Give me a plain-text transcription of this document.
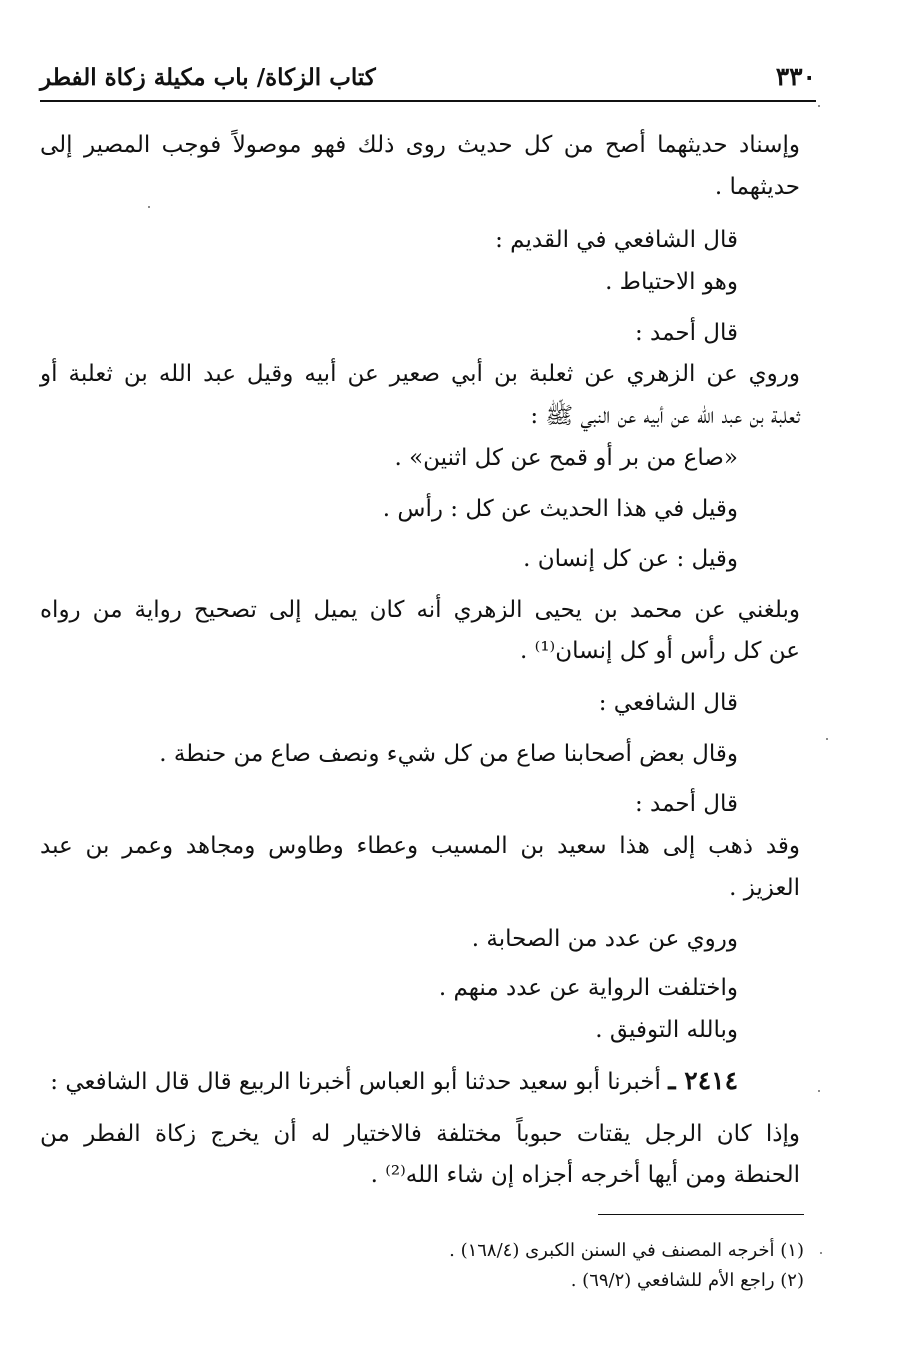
٣٣٠
كتاب الزكاة/ باب مكيلة زكاة الفطر
وإسناد حديثهما أصح من كل حديث روى ذلك فهو موصولاً فوجب المصير إلى
حديثهما .
قال الشافعي في القديم :
وهو الاحتياط .
قال أحمد :
وروي عن الزهري عن ثعلبة بن أبي صعير عن أبيه وقيل عبد الله بن ثعلبة أو
ثعلبة بن عبد الله عن أبيه عن النبي ﷺ :
«صاع من بر أو قمح عن كل اثنين» .
وقيل في هذا الحديث عن كل : رأس .
وقيل : عن كل إنسان .
وبلغني عن محمد بن يحيى الزهري أنه كان يميل إلى تصحيح رواية من رواه
عن كل رأس أو كل إنسان⁽¹⁾ .
قال الشافعي :
وقال بعض أصحابنا صاع من كل شيء ونصف صاع من حنطة .
قال أحمد :
وقد ذهب إلى هذا سعيد بن المسيب وعطاء وطاوس ومجاهد وعمر بن عبد
العزيز .
وروي عن عدد من الصحابة .
واختلفت الرواية عن عدد منهم .
وبالله التوفيق .
٢٤١٤ ـ أخبرنا أبو سعيد حدثنا أبو العباس أخبرنا الربيع قال قال الشافعي :
وإذا كان الرجل يقتات حبوباً مختلفة فالاختيار له أن يخرج زكاة الفطر من
الحنطة ومن أيها أخرجه أجزاه إن شاء الله⁽²⁾ .
(١) أخرجه المصنف في السنن الكبرى (١٦٨/٤) .
(٢) راجع الأم للشافعي (٦٩/٢) .
